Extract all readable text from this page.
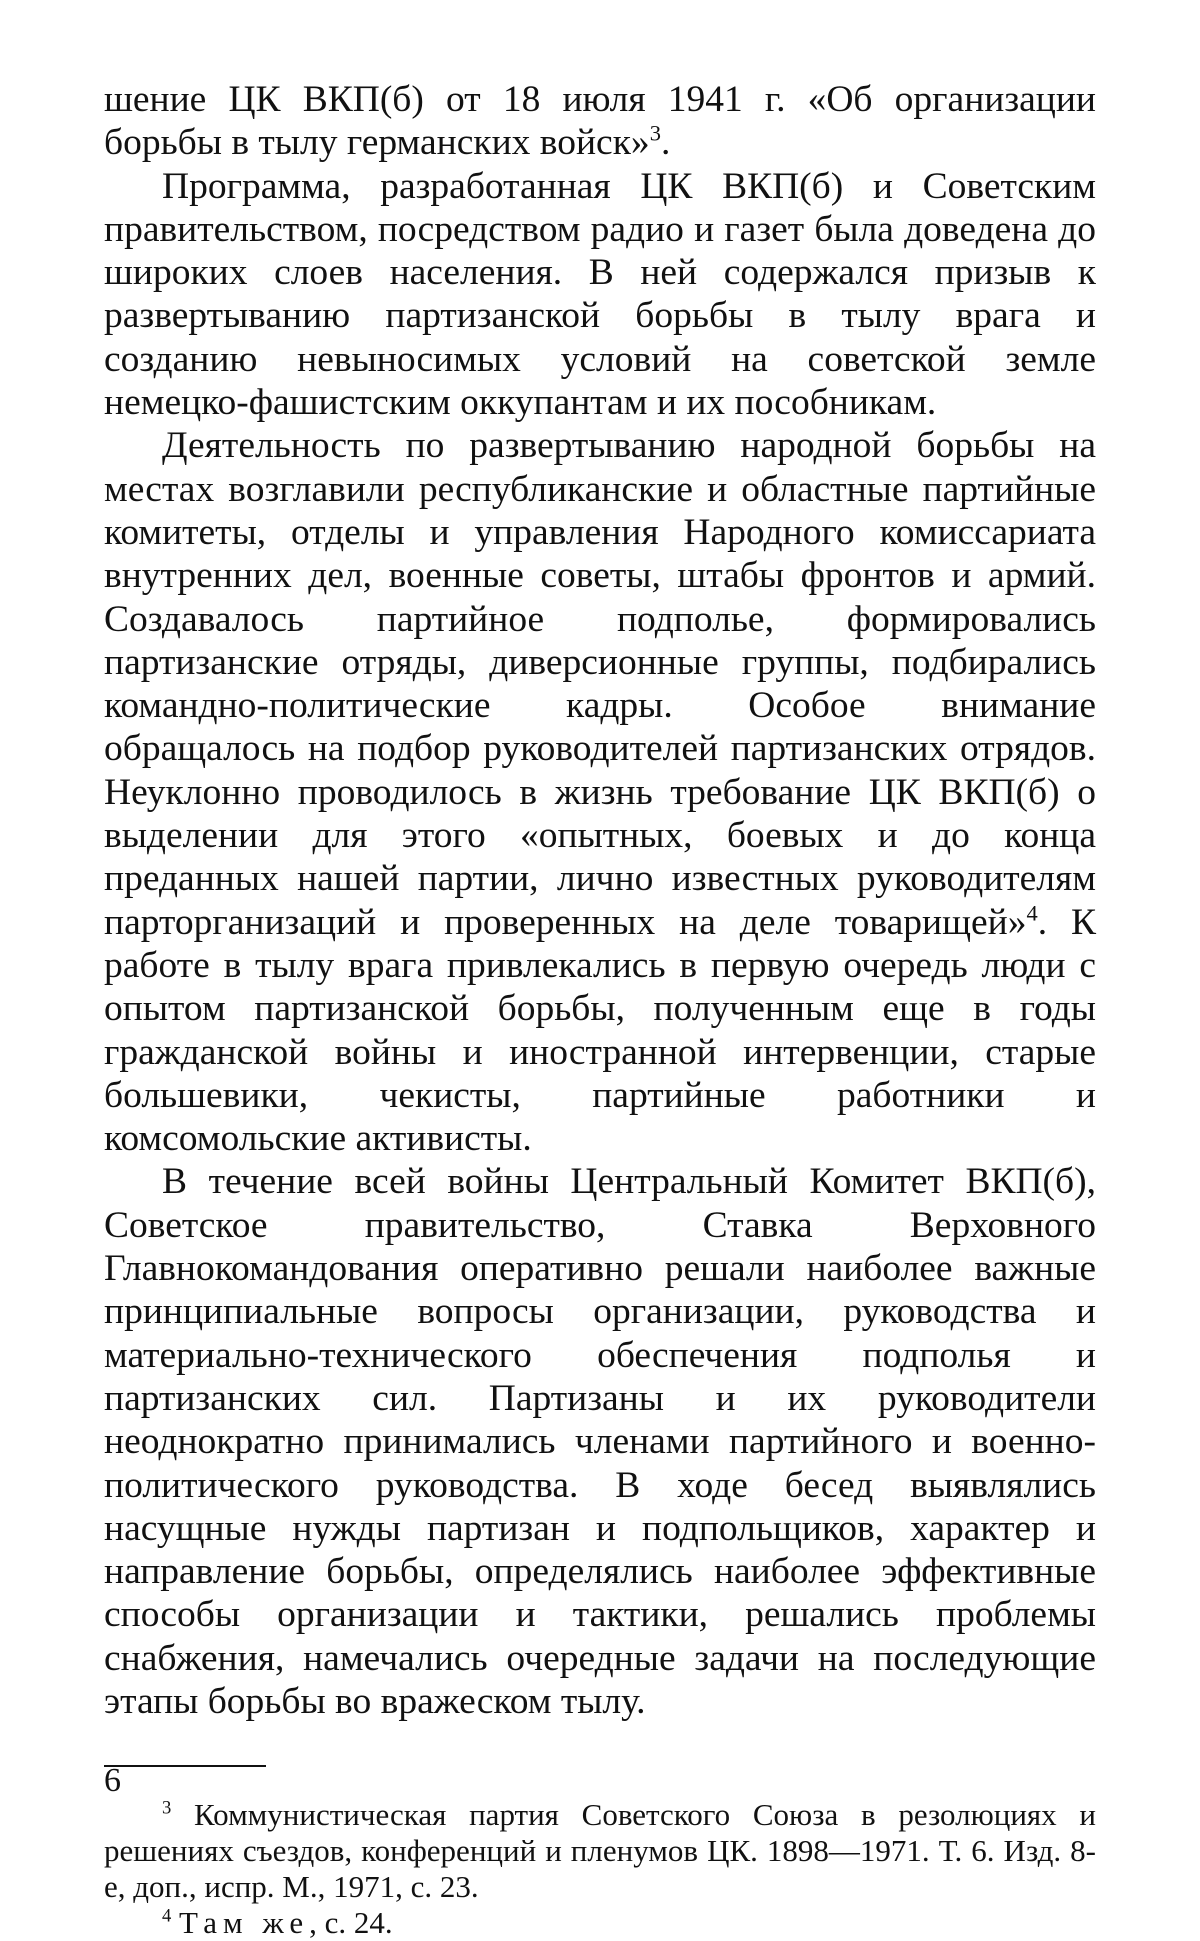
шение ЦК ВКП(б) от 18 июля 1941 г. «Об организации борьбы в тылу германских войск»$^3$.

Программа, разработанная ЦК ВКП(б) и Советским правительством, посредством радио и газет была доведена до широких слоев населения. В ней содержался призыв к развертыванию партизанской борьбы в тылу врага и созданию невыносимых условий на советской земле немецко-фашистским оккупантам и их пособникам.

Деятельность по развертыванию народной борьбы на местах возглавили республиканские и областные партийные комитеты, отделы и управления Народного комиссариата внутренних дел, военные советы, штабы фронтов и армий. Создавалось партийное подполье, формировались партизанские отряды, диверсионные группы, подбирались командно-политические кадры. Особое внимание обращалось на подбор руководителей партизанских отрядов. Неуклонно проводилось в жизнь требование ЦК ВКП(б) о выделении для этого «опытных, боевых и до конца преданных нашей партии, лично известных руководителям парторганизаций и проверенных на деле товарищей»$^4$. К работе в тылу врага привлекались в первую очередь люди с опытом партизанской борьбы, полученным еще в годы гражданской войны и иностранной интервенции, старые большевики, чекисты, партийные работники и комсомольские активисты.

В течение всей войны Центральный Комитет ВКП(б), Советское правительство, Ставка Верховного Главнокомандования оперативно решали наиболее важные принципиальные вопросы организации, руководства и материально-технического обеспечения подполья и партизанских сил. Партизаны и их руководители неоднократно принимались членами партийного и военно-политического руководства. В ходе бесед выявлялись насущные нужды партизан и подпольщиков, характер и направление борьбы, определялись наиболее эффективные способы организации и тактики, решались проблемы снабжения, намечались очередные задачи на последующие этапы борьбы во вражеском тылу.

$^3$ Коммунистическая партия Советского Союза в резолюциях и решениях съездов, конференций и пленумов ЦК. 1898—1971. Т. 6. Изд. 8-е, доп., испр. М., 1971, с. 23.

$^4$ Там же, с. 24.

6
